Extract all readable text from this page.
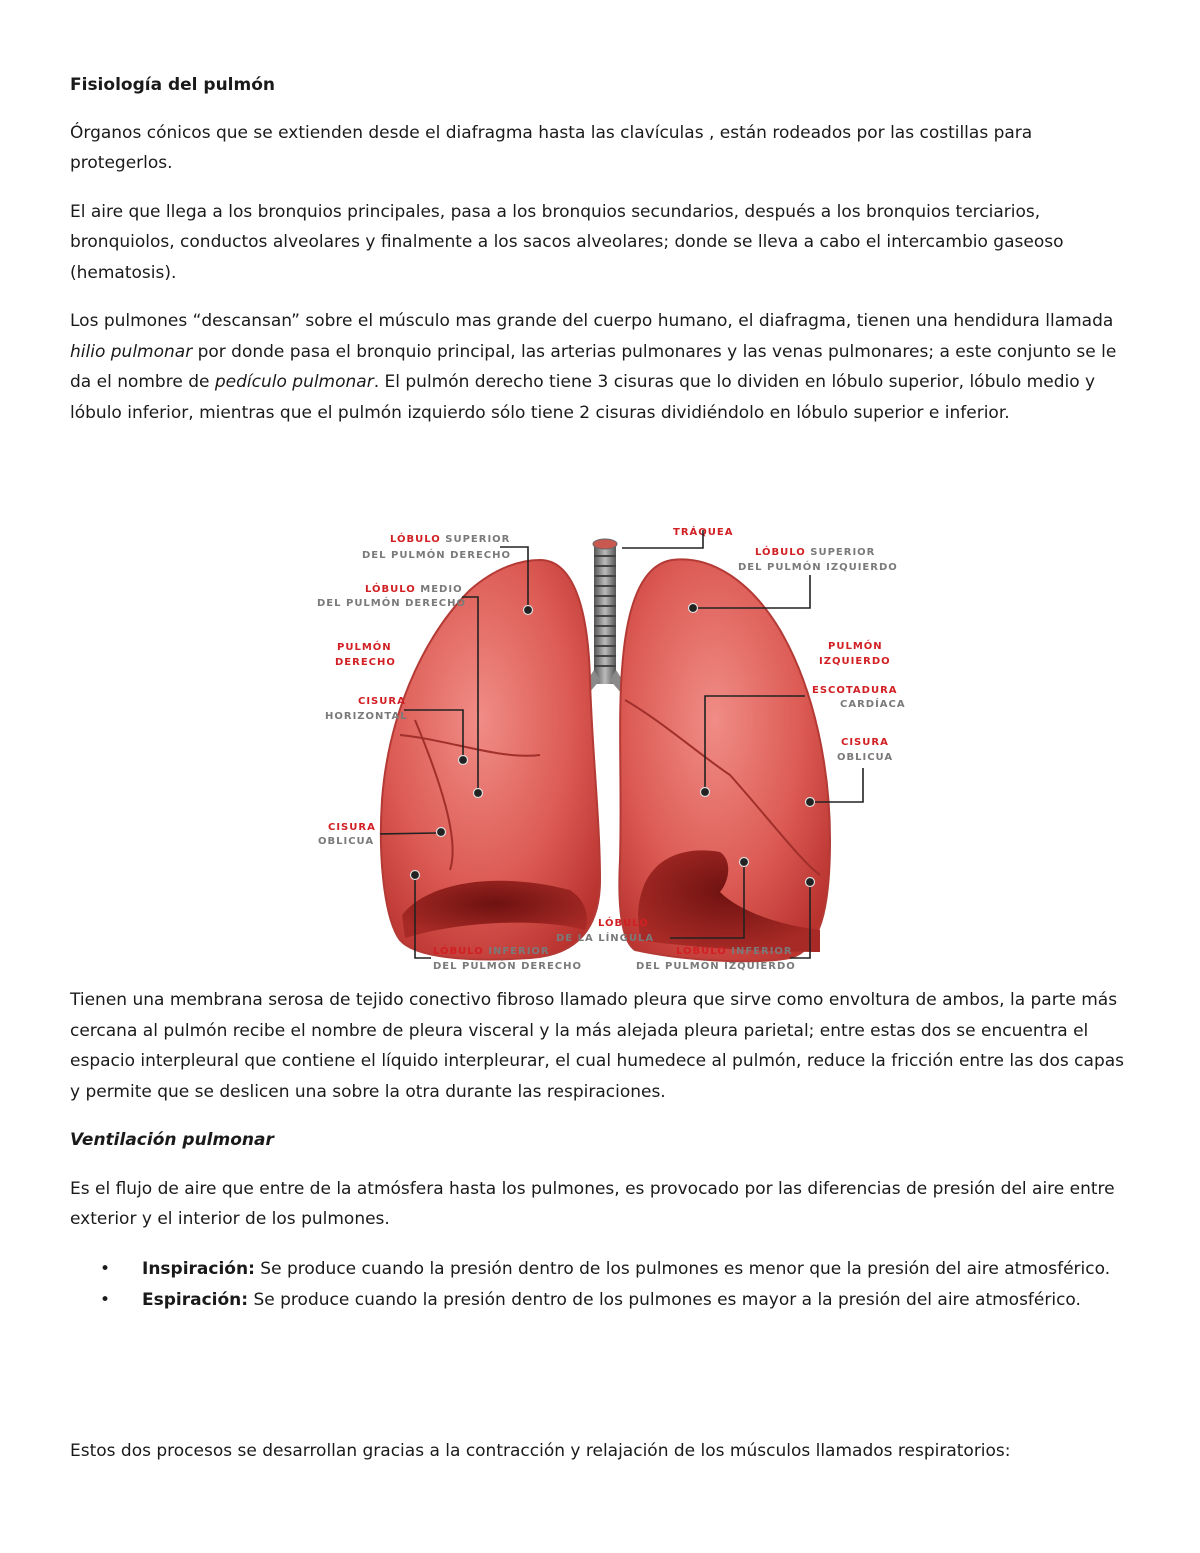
Fisiología del pulmón

Órganos cónicos que se extienden desde el diafragma hasta las clavículas , están rodeados por las costillas para protegerlos.

El aire que llega a los bronquios principales, pasa a los bronquios secundarios, después a los bronquios terciarios, bronquiolos, conductos alveolares y finalmente a los sacos alveolares; donde se lleva a cabo el intercambio gaseoso (hematosis).

Los pulmones “descansan” sobre el músculo mas grande del cuerpo humano, el diafragma, tienen una hendidura llamada hilio pulmonar por donde pasa el bronquio principal, las arterias pulmonares y las venas pulmonares; a este conjunto se le da el nombre de pedículo pulmonar. El pulmón derecho tiene 3 cisuras que lo dividen en lóbulo superior, lóbulo medio y lóbulo inferior, mientras que el pulmón izquierdo sólo tiene 2 cisuras dividiéndolo en lóbulo superior e inferior.

LÓBULO SUPERIOR
DEL PULMÓN DERECHO
LÓBULO MEDIO
DEL PULMÓN DERECHO
PULMÓN
DERECHO
CISURA
HORIZONTAL
CISURA
OBLICUA
TRÁQUEA
LÓBULO SUPERIOR
DEL PULMÓN IZQUIERDO
PULMÓN
IZQUIERDO
ESCOTADURA
CARDÍACA
CISURA
OBLICUA
LÓBULO
DE LA LÍNGULA
LÓBULO INFERIOR
DEL PULMÓN DERECHO
LÓBULO INFERIOR
DEL PULMÓN IZQUIERDO

Tienen una membrana serosa de tejido conectivo fibroso llamado pleura que sirve como envoltura de ambos, la parte más cercana al pulmón recibe el nombre de pleura visceral y la más alejada pleura parietal; entre estas dos se encuentra el espacio interpleural que contiene el líquido interpleurar, el cual humedece al pulmón, reduce la fricción entre las dos capas y permite que se deslicen una sobre la otra durante las respiraciones.

Ventilación pulmonar

Es el flujo de aire que entre de la atmósfera hasta los pulmones, es provocado por las diferencias de presión del aire entre exterior y el interior de los pulmones.

• Inspiración: Se produce cuando la presión dentro de los pulmones es menor que la presión del aire atmosférico.
• Espiración: Se produce cuando la presión dentro de los pulmones es mayor a la presión del aire atmosférico.

Estos dos procesos se desarrollan gracias a la contracción y relajación de los músculos llamados respiratorios:
